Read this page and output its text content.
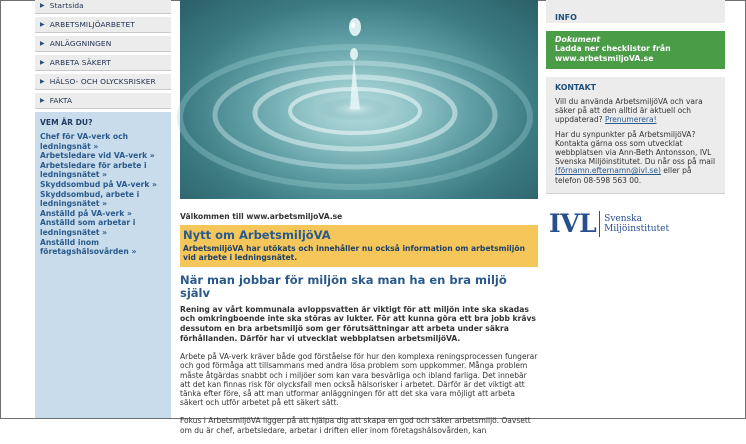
▶ Startsida
▶ ARBETSMILJÖARBETET
▶ ANLÄGGNINGEN
▶ ARBETA SÄKERT
▶ HÄLSO- OCH OLYCKSRISKER
▶ FAKTA
VEM ÄR DU?
Chef för VA-verk och ledningsnät »
Arbetsledare vid VA-verk »
Arbetsledare för arbete i ledningsnätet »
Skyddsombud på VA-verk »
Skyddsombud, arbete i ledningsnätet »
Anställd på VA-verk »
Anställd som arbetar i ledningsnätet »
Anställd inom företagshälsovården »
Välkommen till www.arbetsmiljoVA.se
Nytt om ArbetsmiljöVA
ArbetsmiljöVA har utökats och innehåller nu också information om arbetsmiljön vid arbete i ledningsnätet.
När man jobbar för miljön ska man ha en bra miljö själv
Rening av vårt kommunala avloppsvatten är viktigt för att miljön inte ska skadas och omkringboende inte ska störas av lukter. För att kunna göra ett bra jobb krävs dessutom en bra arbetsmiljö som ger förutsättningar att arbeta under säkra förhållanden. Därför har vi utvecklat webbplatsen arbetsmiljöVA.
Arbete på VA-verk kräver både god förståelse för hur den komplexa reningsprocessen fungerar och god förmåga att tillsammans med andra lösa problem som uppkommer. Många problem måste åtgärdas snabbt och i miljöer som kan vara besvärliga och ibland farliga. Det innebär att det kan finnas risk för olycksfall men också hälsorisker i arbetet. Därför är det viktigt att tänka efter före, så att man utformar anläggningen för att det ska vara möjligt att arbeta säkert och utför arbetet på ett säkert sätt.
Fokus i ArbetsmiljöVA ligger på att hjälpa dig att skapa en god och säker arbetsmiljö. Oavsett om du är chef, arbetsledare, arbetar i driften eller inom företagshälsovården, kan
INFO
Dokument
Ladda ner checklistor från www.arbetsmiljoVA.se
KONTAKT
Vill du använda ArbetsmiljöVA och vara säker på att den alltid är aktuell och uppdaterad? Prenumerera!
Har du synpunkter på ArbetsmiljöVA? Kontakta gärna oss som utvecklat webbplatsen via Ann-Beth Antonsson, IVL Svenska Miljöinstitutet. Du når oss på mail (förnamn.efternamn@ivl.se) eller på telefon 08-598 563 00.
IVL Svenska
Miljöinstitutet
